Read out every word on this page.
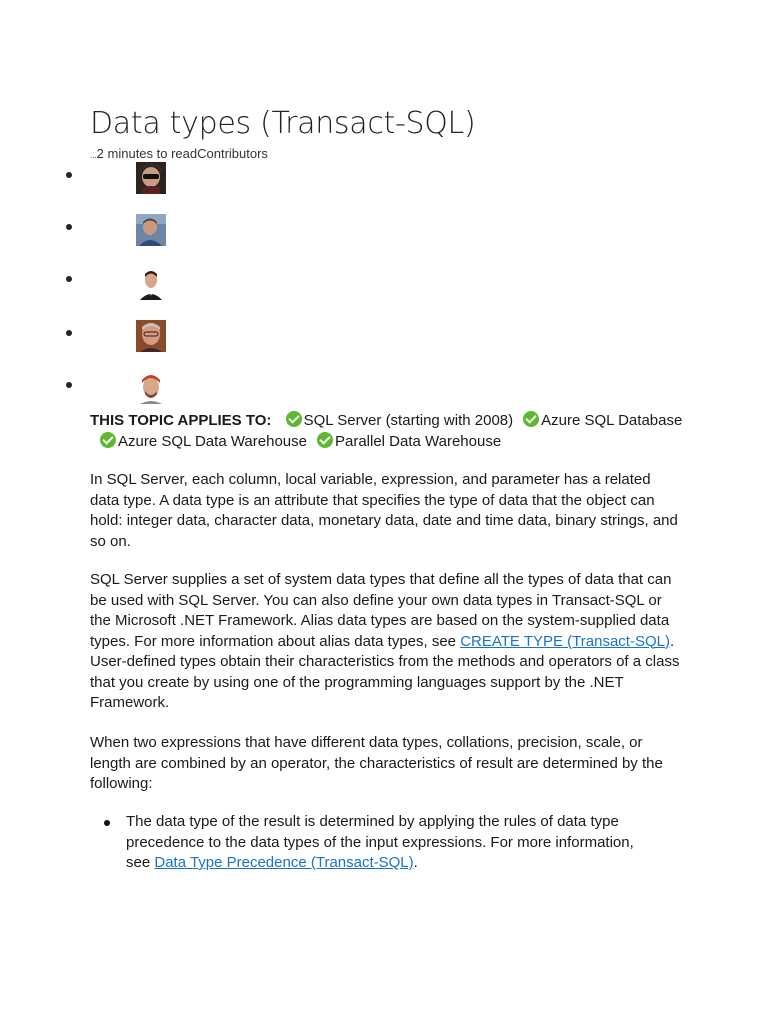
Data types (Transact-SQL)
...2 minutes to readContributors
THIS TOPIC APPLIES TO: SQL Server (starting with 2008) Azure SQL Database
Azure SQL Data Warehouse Parallel Data Warehouse

In SQL Server, each column, local variable, expression, and parameter has a related data type. A data type is an attribute that specifies the type of data that the object can hold: integer data, character data, monetary data, date and time data, binary strings, and so on.

SQL Server supplies a set of system data types that define all the types of data that can be used with SQL Server. You can also define your own data types in Transact-SQL or the Microsoft .NET Framework. Alias data types are based on the system-supplied data types. For more information about alias data types, see CREATE TYPE (Transact-SQL). User-defined types obtain their characteristics from the methods and operators of a class that you create by using one of the programming languages support by the .NET Framework.

When two expressions that have different data types, collations, precision, scale, or length are combined by an operator, the characteristics of result are determined by the following:

The data type of the result is determined by applying the rules of data type precedence to the data types of the input expressions. For more information, see Data Type Precedence (Transact-SQL).
